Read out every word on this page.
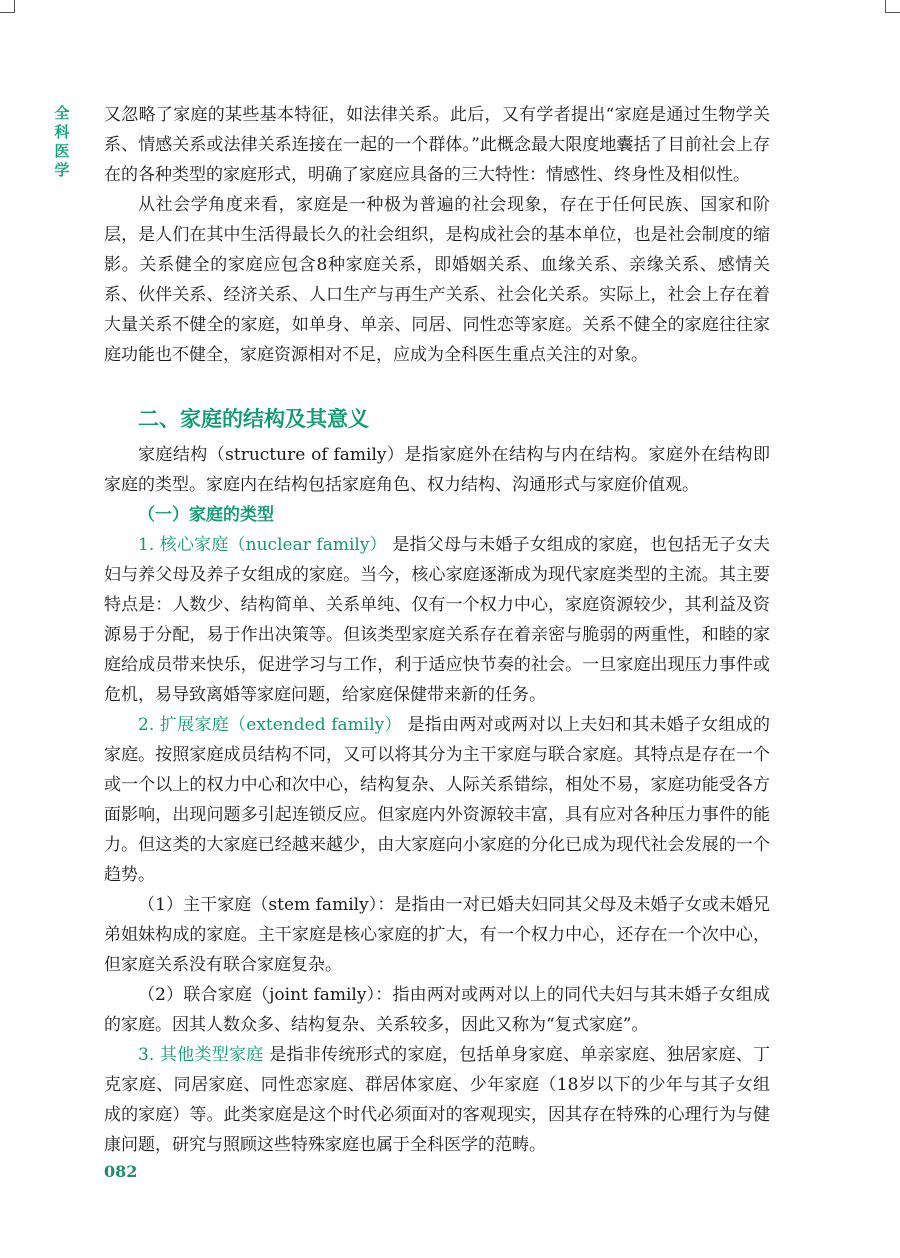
全科医学

又忽略了家庭的某些基本特征，如法律关系。此后，又有学者提出“家庭是通过生物学关系、情感关系或法律关系连接在一起的一个群体。”此概念最大限度地囊括了目前社会上存在的各种类型的家庭形式，明确了家庭应具备的三大特性：情感性、终身性及相似性。

从社会学角度来看，家庭是一种极为普遍的社会现象，存在于任何民族、国家和阶层，是人们在其中生活得最长久的社会组织，是构成社会的基本单位，也是社会制度的缩影。关系健全的家庭应包含8种家庭关系，即婚姻关系、血缘关系、亲缘关系、感情关系、伙伴关系、经济关系、人口生产与再生产关系、社会化关系。实际上，社会上存在着大量关系不健全的家庭，如单身、单亲、同居、同性恋等家庭。关系不健全的家庭往往家庭功能也不健全，家庭资源相对不足，应成为全科医生重点关注的对象。

二、家庭的结构及其意义

家庭结构（structure of family）是指家庭外在结构与内在结构。家庭外在结构即家庭的类型。家庭内在结构包括家庭角色、权力结构、沟通形式与家庭价值观。

（一）家庭的类型

1. 核心家庭（nuclear family） 是指父母与未婚子女组成的家庭，也包括无子女夫妇与养父母及养子女组成的家庭。当今，核心家庭逐渐成为现代家庭类型的主流。其主要特点是：人数少、结构简单、关系单纯、仅有一个权力中心，家庭资源较少，其利益及资源易于分配，易于作出决策等。但该类型家庭关系存在着亲密与脆弱的两重性，和睦的家庭给成员带来快乐，促进学习与工作，利于适应快节奏的社会。一旦家庭出现压力事件或危机，易导致离婚等家庭问题，给家庭保健带来新的任务。

2. 扩展家庭（extended family） 是指由两对或两对以上夫妇和其未婚子女组成的家庭。按照家庭成员结构不同，又可以将其分为主干家庭与联合家庭。其特点是存在一个或一个以上的权力中心和次中心，结构复杂、人际关系错综，相处不易，家庭功能受各方面影响，出现问题多引起连锁反应。但家庭内外资源较丰富，具有应对各种压力事件的能力。但这类的大家庭已经越来越少，由大家庭向小家庭的分化已成为现代社会发展的一个趋势。

（1）主干家庭（stem family）：是指由一对已婚夫妇同其父母及未婚子女或未婚兄弟姐妹构成的家庭。主干家庭是核心家庭的扩大，有一个权力中心，还存在一个次中心，但家庭关系没有联合家庭复杂。

（2）联合家庭（joint family）：指由两对或两对以上的同代夫妇与其未婚子女组成的家庭。因其人数众多、结构复杂、关系较多，因此又称为“复式家庭”。

3. 其他类型家庭 是指非传统形式的家庭，包括单身家庭、单亲家庭、独居家庭、丁克家庭、同居家庭、同性恋家庭、群居体家庭、少年家庭（18岁以下的少年与其子女组成的家庭）等。此类家庭是这个时代必须面对的客观现实，因其存在特殊的心理行为与健康问题，研究与照顾这些特殊家庭也属于全科医学的范畴。

082
